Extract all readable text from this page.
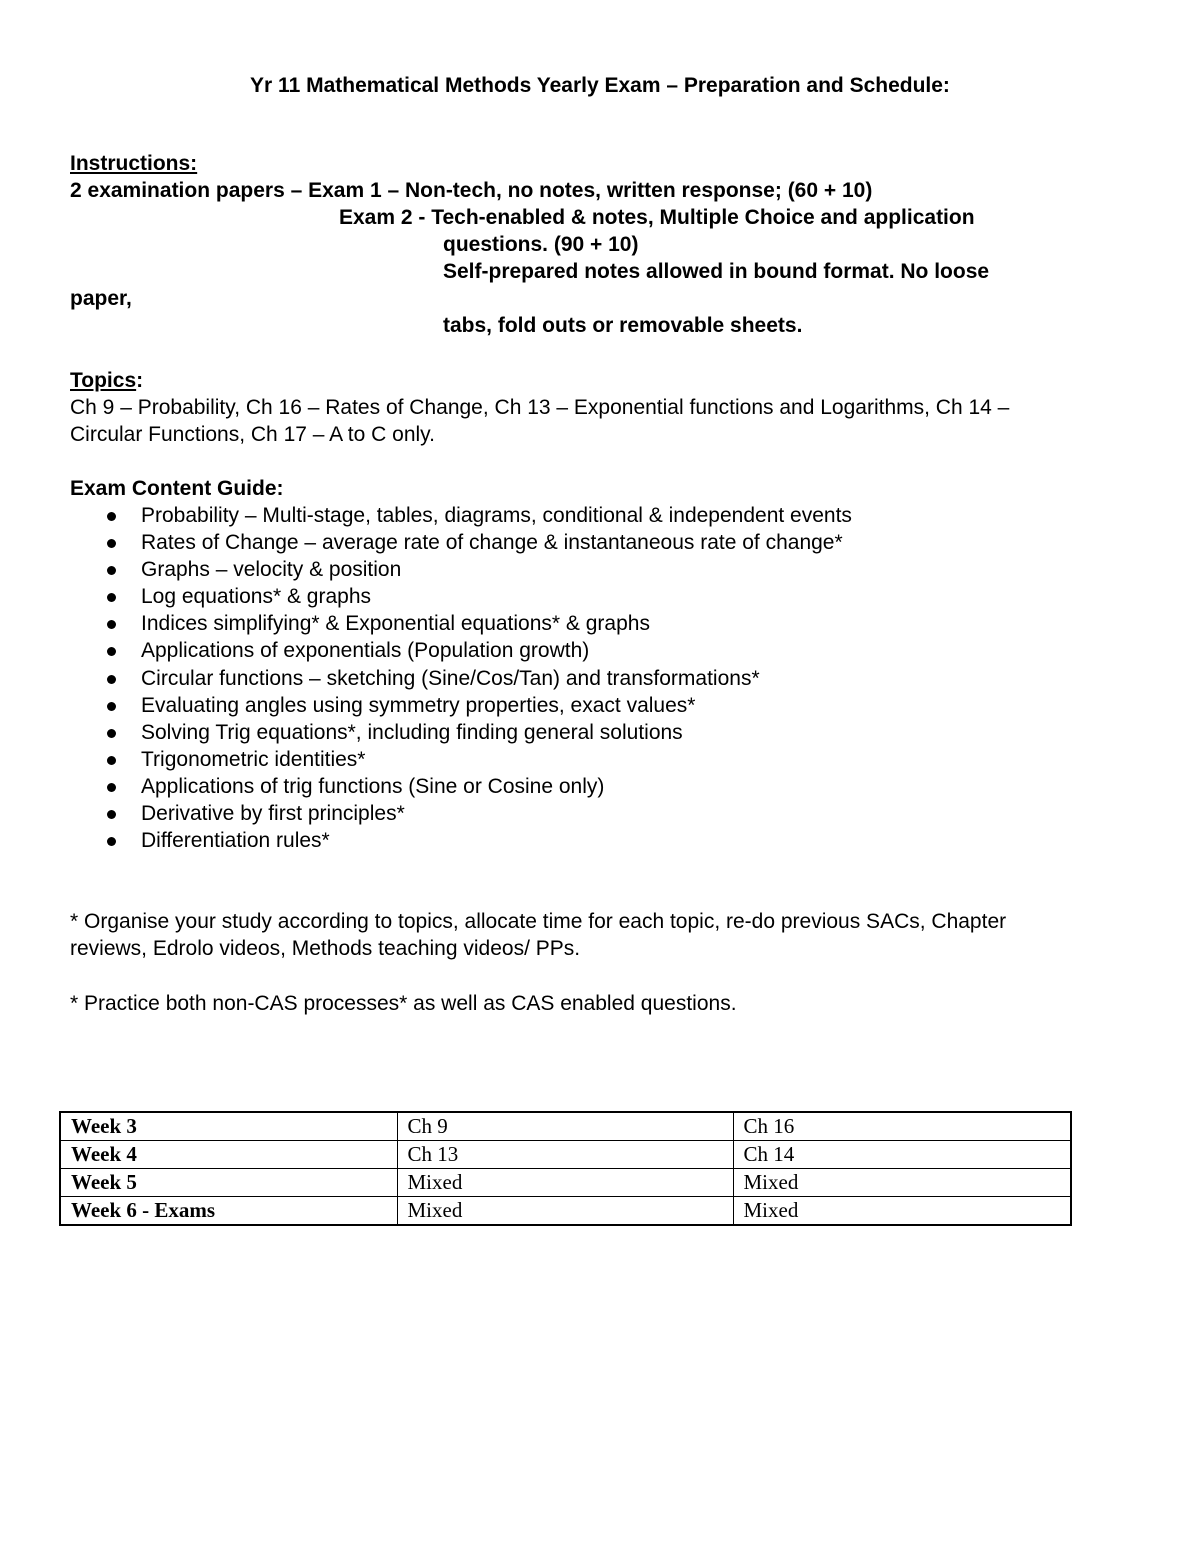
Yr 11 Mathematical Methods Yearly Exam – Preparation and Schedule:
Instructions:
2 examination papers – Exam 1 – Non-tech, no notes, written response; (60 + 10)
Exam 2 - Tech-enabled & notes, Multiple Choice and application
questions. (90 + 10)
Self-prepared notes allowed in bound format. No loose
paper,
tabs, fold outs or removable sheets.
Topics:
Ch 9 – Probability, Ch 16 – Rates of Change, Ch 13 – Exponential functions and Logarithms, Ch 14 –
Circular Functions, Ch 17 – A to C only.
Exam Content Guide:
Probability – Multi-stage, tables, diagrams, conditional & independent events
Rates of Change – average rate of change & instantaneous rate of change*
Graphs – velocity & position
Log equations* & graphs
Indices simplifying* & Exponential equations* & graphs
Applications of exponentials (Population growth)
Circular functions – sketching (Sine/Cos/Tan) and transformations*
Evaluating angles using symmetry properties, exact values*
Solving Trig equations*, including finding general solutions
Trigonometric identities*
Applications of trig functions (Sine or Cosine only)
Derivative by first principles*
Differentiation rules*
* Organise your study according to topics, allocate time for each topic, re-do previous SACs, Chapter
reviews, Edrolo videos, Methods teaching videos/ PPs.
* Practice both non-CAS processes* as well as CAS enabled questions.
Week 3	Ch 9	Ch 16
Week 4	Ch 13	Ch 14
Week 5	Mixed	Mixed
Week 6 - Exams	Mixed	Mixed
